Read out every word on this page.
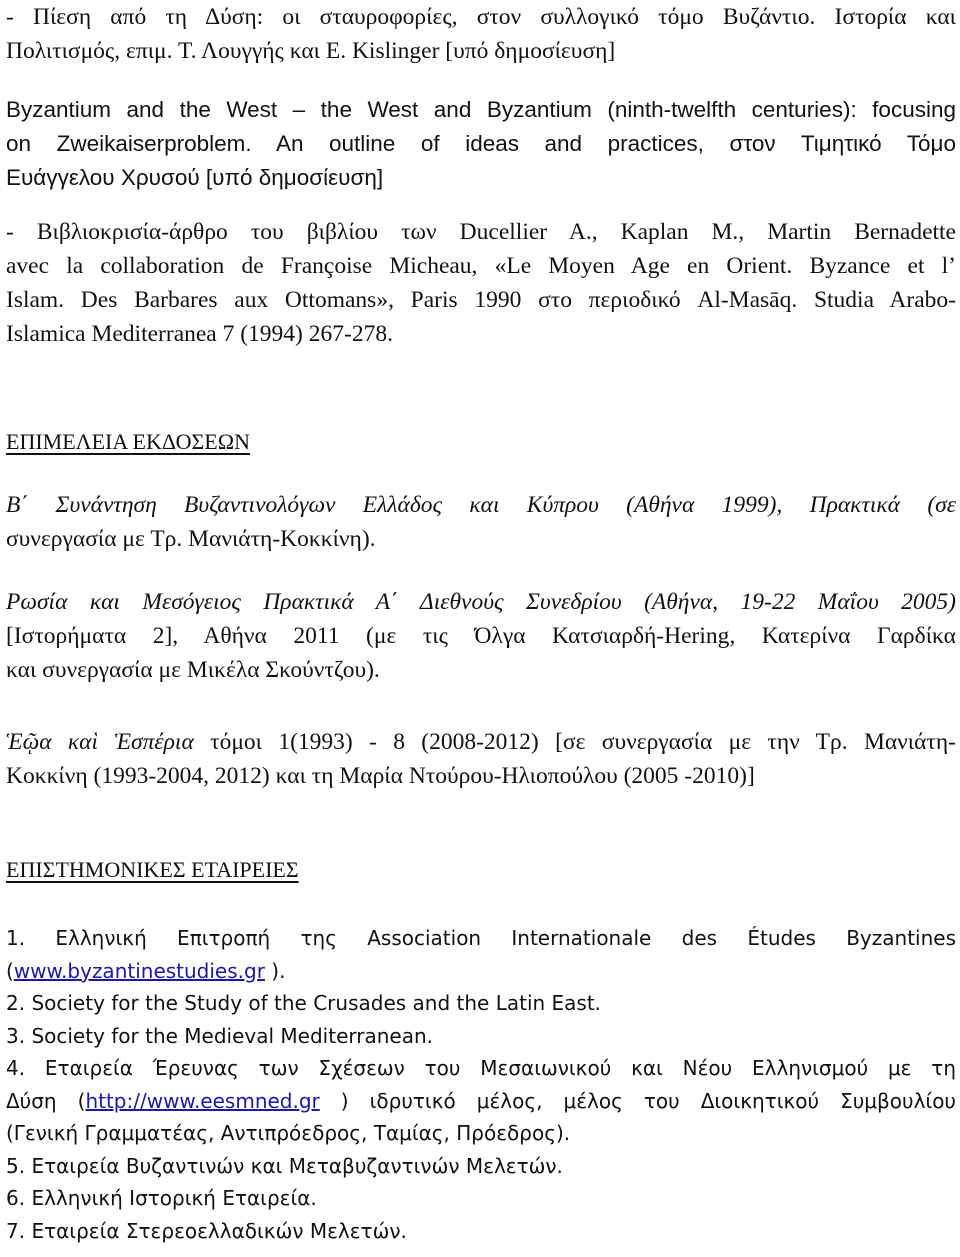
- Πίεση από τη Δύση: οι σταυροφορίες, στον συλλογικό τόμο Βυζάντιο. Ιστορία και
Πολιτισμός, επιμ. Τ. Λουγγής και Ε. Kislinger [υπό δημοσίευση]
Byzantium and the West – the West and Byzantium (ninth-twelfth centuries): focusing
on Zweikaiserproblem. An outline of ideas and practices, στον Τιμητικό Τόμο
Ευάγγελου Χρυσού [υπό δημοσίευση]
- Βιβλιοκρισία-άρθρο του βιβλίου των Ducellier A., Kaplan M., Martin Bernadette
avec la collaboration de Françoise Micheau, «Le Moyen Age en Orient. Byzance et l’
Islam. Des Barbares aux Ottomans», Paris 1990 στο περιοδικό Al-Masāq. Studia Arabo-
Islamica Mediterranea 7 (1994) 267-278.
ΕΠΙΜΕΛΕΙΑ ΕΚΔΟΣΕΩΝ
Β΄ Συνάντηση Βυζαντινολόγων Ελλάδος και Κύπρου (Αθήνα 1999), Πρακτικά (σε
συνεργασία με Τρ. Μανιάτη-Κοκκίνη).
Ρωσία και Μεσόγειος Πρακτικά Α΄ Διεθνούς Συνεδρίου (Αθήνα, 19-22 Μαΐου 2005)
[Ιστορήματα 2], Αθήνα 2011 (με τις Όλγα Κατσιαρδή-Hering, Κατερίνα Γαρδίκα
και συνεργασία με Μικέλα Σκούντζου).
Ἑῷα καὶ Ἑσπέρια τόμοι 1(1993) - 8 (2008-2012) [σε συνεργασία με την Τρ. Μανιάτη-
Κοκκίνη (1993-2004, 2012) και τη Μαρία Ντούρου-Ηλιοπούλου (2005 -2010)]
ΕΠΙΣΤΗΜΟΝΙΚΕΣ ΕΤΑΙΡΕΙΕΣ
1. Ελληνική Επιτροπή της Association Internationale des Études Byzantines
(www.byzantinestudies.gr ).
2. Society for the Study of the Crusades and the Latin East.
3. Society for the Medieval Mediterranean.
4. Εταιρεία Έρευνας των Σχέσεων του Μεσαιωνικού και Νέου Ελληνισμού με τη
Δύση (http://www.eesmned.gr ) ιδρυτικό μέλος, μέλος του Διοικητικού Συμβουλίου
(Γενική Γραμματέας, Αντιπρόεδρος, Ταμίας, Πρόεδρος).
5. Εταιρεία Βυζαντινών και Μεταβυζαντινών Μελετών.
6. Ελληνική Ιστορική Εταιρεία.
7. Εταιρεία Στερεοελλαδικών Μελετών.
